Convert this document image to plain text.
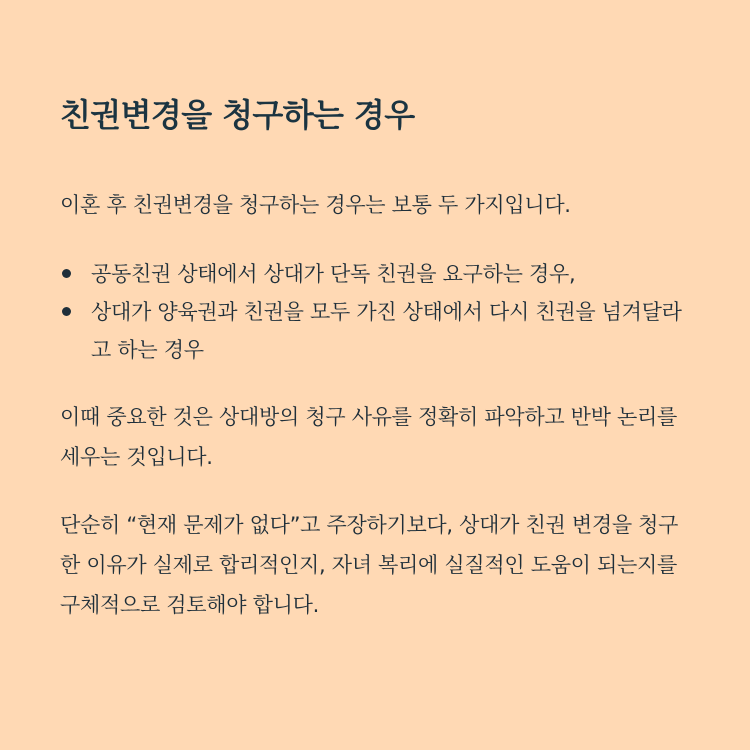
친권변경을 청구하는 경우

이혼 후 친권변경을 청구하는 경우는 보통 두 가지입니다.

공동친권 상태에서 상대가 단독 친권을 요구하는 경우,
상대가 양육권과 친권을 모두 가진 상태에서 다시 친권을 넘겨달라고 하는 경우

이때 중요한 것은 상대방의 청구 사유를 정확히 파악하고 반박 논리를 세우는 것입니다.

단순히 “현재 문제가 없다”고 주장하기보다, 상대가 친권 변경을 청구한 이유가 실제로 합리적인지, 자녀 복리에 실질적인 도움이 되는지를 구체적으로 검토해야 합니다.
